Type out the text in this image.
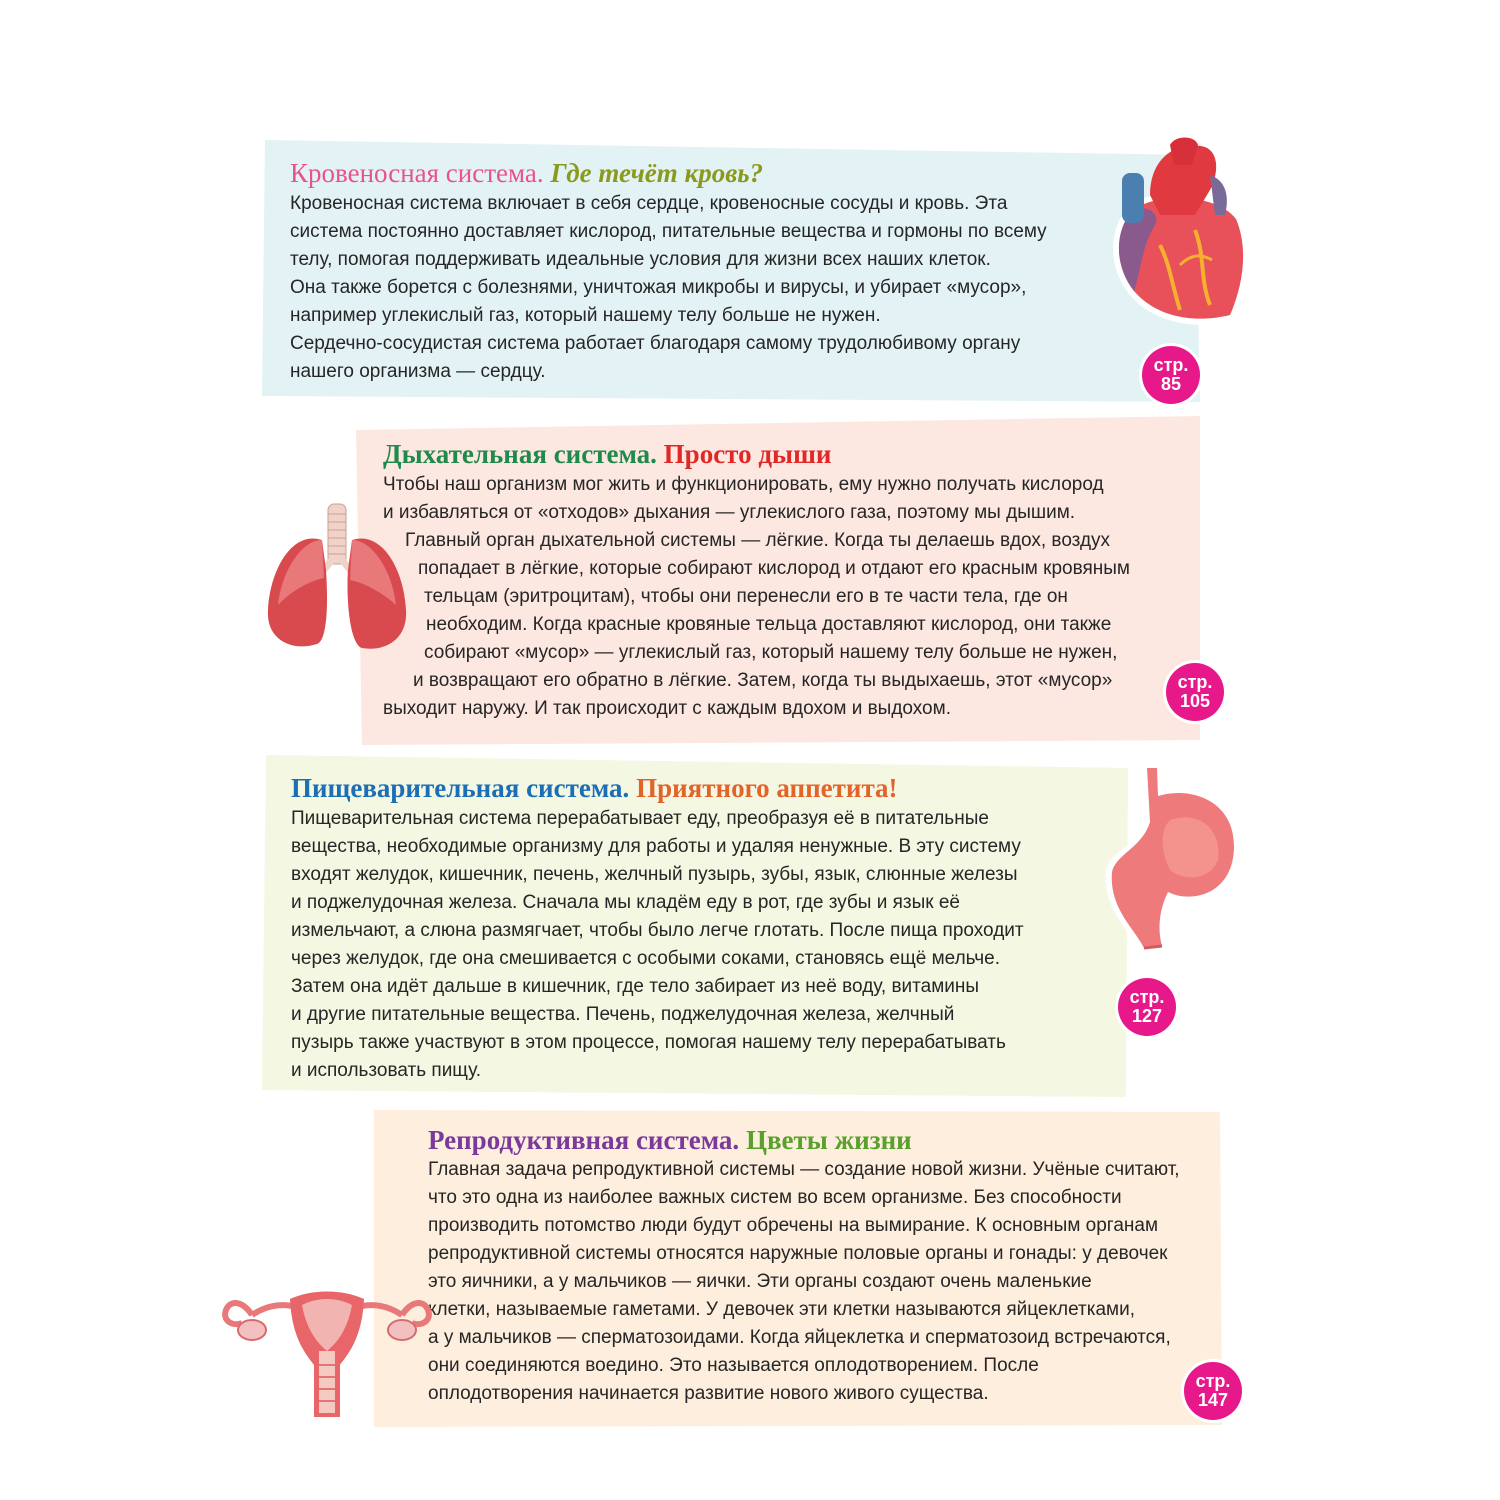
Кровеносная система. Где течёт кровь?
Кровеносная система включает в себя сердце, кровеносные сосуды и кровь. Эта
система постоянно доставляет кислород, питательные вещества и гормоны по всему
телу, помогая поддерживать идеальные условия для жизни всех наших клеток.
Она также борется с болезнями, уничтожая микробы и вирусы, и убирает «мусор»,
например углекислый газ, который нашему телу больше не нужен.
Сердечно-сосудистая система работает благодаря самому трудолюбивому органу
нашего организма — сердцу.	стр.
85
Дыхательная система. Просто дыши
Чтобы наш организм мог жить и функционировать, ему нужно получать кислород
и избавляться от «отходов» дыхания — углекислого газа, поэтому мы дышим.
Главный орган дыхательной системы — лёгкие. Когда ты делаешь вдох, воздух
попадает в лёгкие, которые собирают кислород и отдают его красным кровяным
тельцам (эритроцитам), чтобы они перенесли его в те части тела, где он
необходим. Когда красные кровяные тельца доставляют кислород, они также
собирают «мусор» — углекислый газ, который нашему телу больше не нужен,
и возвращают его обратно в лёгкие. Затем, когда ты выдыхаешь, этот «мусор»
выходит наружу. И так происходит с каждым вдохом и выдохом.
стр.
105
Пищеварительная система. Приятного аппетита!
Пищеварительная система перерабатывает еду, преобразуя её в питательные
вещества, необходимые организму для работы и удаляя ненужные. В эту систему
входят желудок, кишечник, печень, желчный пузырь, зубы, язык, слюнные железы
и поджелудочная железа. Сначала мы кладём еду в рот, где зубы и язык её
измельчают, а слюна размягчает, чтобы было легче глотать. После пища проходит
через желудок, где она смешивается с особыми соками, становясь ещё мельче.
Затем она идёт дальше в кишечник, где тело забирает из неё воду, витамины
и другие питательные вещества. Печень, поджелудочная железа, желчный
пузырь также участвуют в этом процессе, помогая нашему телу перерабатывать
и использовать пищу.
стр.
127
Репродуктивная система. Цветы жизни
Главная задача репродуктивной системы — создание новой жизни. Учёные считают,
что это одна из наиболее важных систем во всем организме. Без способности
производить потомство люди будут обречены на вымирание. К основным органам
репродуктивной системы относятся наружные половые органы и гонады: у девочек
это яичники, а у мальчиков — яички. Эти органы создают очень маленькие
клетки, называемые гаметами. У девочек эти клетки называются яйцеклетками,
а у мальчиков — сперматозоидами. Когда яйцеклетка и сперматозоид встречаются,
они соединяются воедино. Это называется оплодотворением. После
оплодотворения начинается развитие нового живого существа.
стр.
147
